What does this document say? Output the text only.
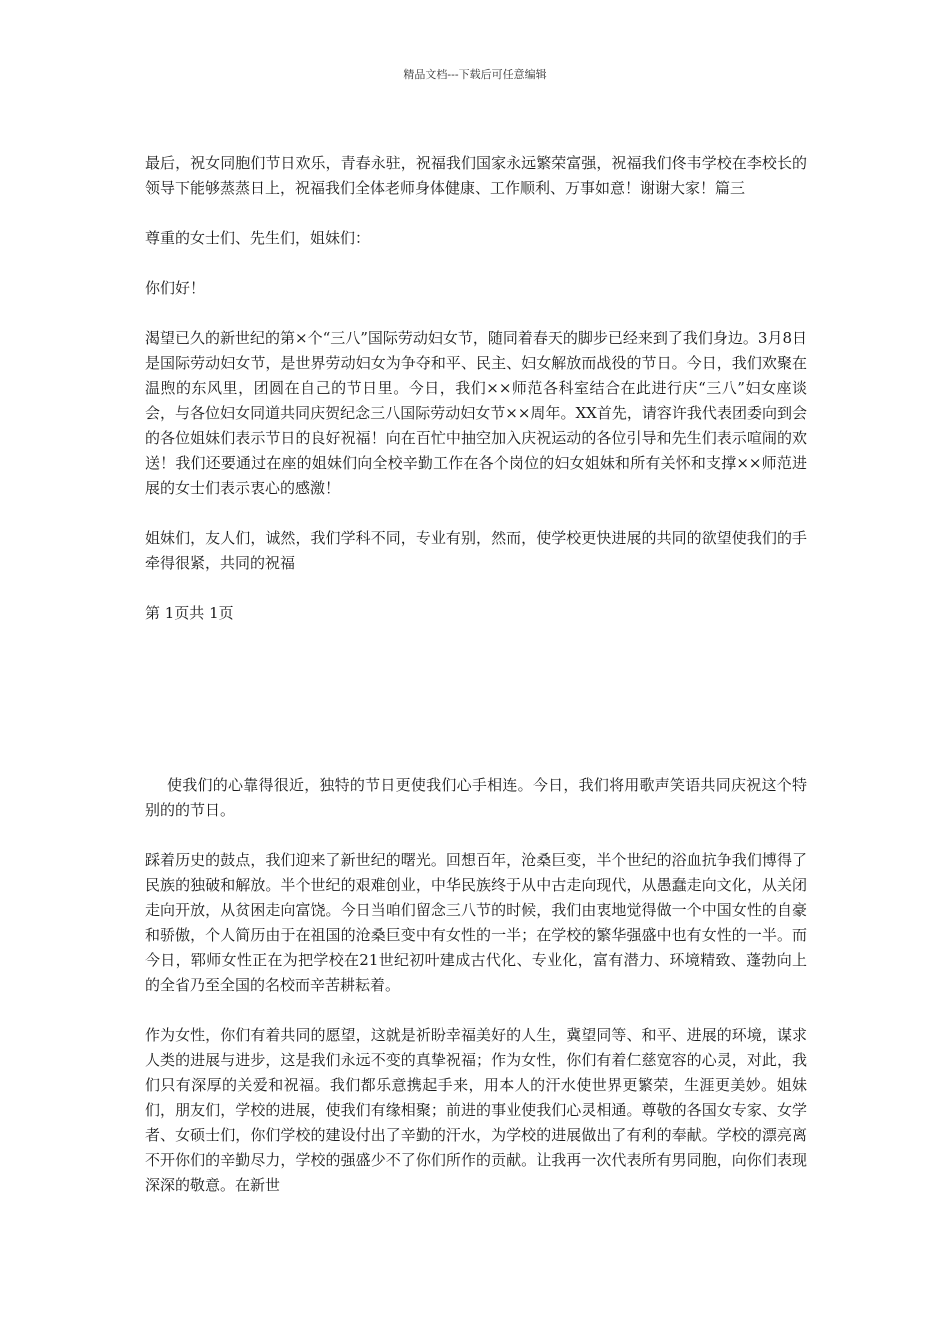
精品文档---下载后可任意编辑

最后，祝女同胞们节日欢乐，青春永驻，祝福我们国家永远繁荣富强，祝福我们佟韦学校在李校长的领导下能够蒸蒸日上，祝福我们全体老师身体健康、工作顺利、万事如意！谢谢大家！篇三

尊重的女士们、先生们，姐妹们：

你们好！

渴望已久的新世纪的第×个“三八”国际劳动妇女节，随同着春天的脚步已经来到了我们身边。3月8日是国际劳动妇女节，是世界劳动妇女为争夺和平、民主、妇女解放而战役的节日。今日，我们欢聚在温煦的东风里，团圆在自己的节日里。今日，我们××师范各科室结合在此进行庆“三八”妇女座谈会，与各位妇女同道共同庆贺纪念三八国际劳动妇女节××周年。XX首先，请容许我代表团委向到会的各位姐妹们表示节日的良好祝福！向在百忙中抽空加入庆祝运动的各位引导和先生们表示喧闹的欢送！我们还要通过在座的姐妹们向全校辛勤工作在各个岗位的妇女姐妹和所有关怀和支撑××师范进展的女士们表示衷心的感激！

姐妹们，友人们，诚然，我们学科不同，专业有别，然而，使学校更快进展的共同的欲望使我们的手牵得很紧，共同的祝福

第 1页共 1页

使我们的心靠得很近，独特的节日更使我们心手相连。今日，我们将用歌声笑语共同庆祝这个特别的的节日。

踩着历史的鼓点，我们迎来了新世纪的曙光。回想百年，沧桑巨变，半个世纪的浴血抗争我们博得了民族的独破和解放。半个世纪的艰难创业，中华民族终于从中古走向现代，从愚蠢走向文化，从关闭走向开放，从贫困走向富饶。今日当咱们留念三八节的时候，我们由衷地觉得做一个中国女性的自豪和骄傲，个人简历由于在祖国的沧桑巨变中有女性的一半；在学校的繁华强盛中也有女性的一半。而今日，郓师女性正在为把学校在21世纪初叶建成古代化、专业化，富有潜力、环境精致、蓬勃向上的全省乃至全国的名校而辛苦耕耘着。

作为女性，你们有着共同的愿望，这就是祈盼幸福美好的人生，冀望同等、和平、进展的环境，谋求人类的进展与进步，这是我们永远不变的真挚祝福；作为女性，你们有着仁慈宽容的心灵，对此，我们只有深厚的关爱和祝福。我们都乐意携起手来，用本人的汗水使世界更繁荣，生涯更美妙。姐妹们，朋友们，学校的进展，使我们有缘相聚；前进的事业使我们心灵相通。尊敬的各国女专家、女学者、女硕士们，你们学校的建设付出了辛勤的汗水，为学校的进展做出了有利的奉献。学校的漂亮离不开你们的辛勤尽力，学校的强盛少不了你们所作的贡献。让我再一次代表所有男同胞，向你们表现深深的敬意。在新世
